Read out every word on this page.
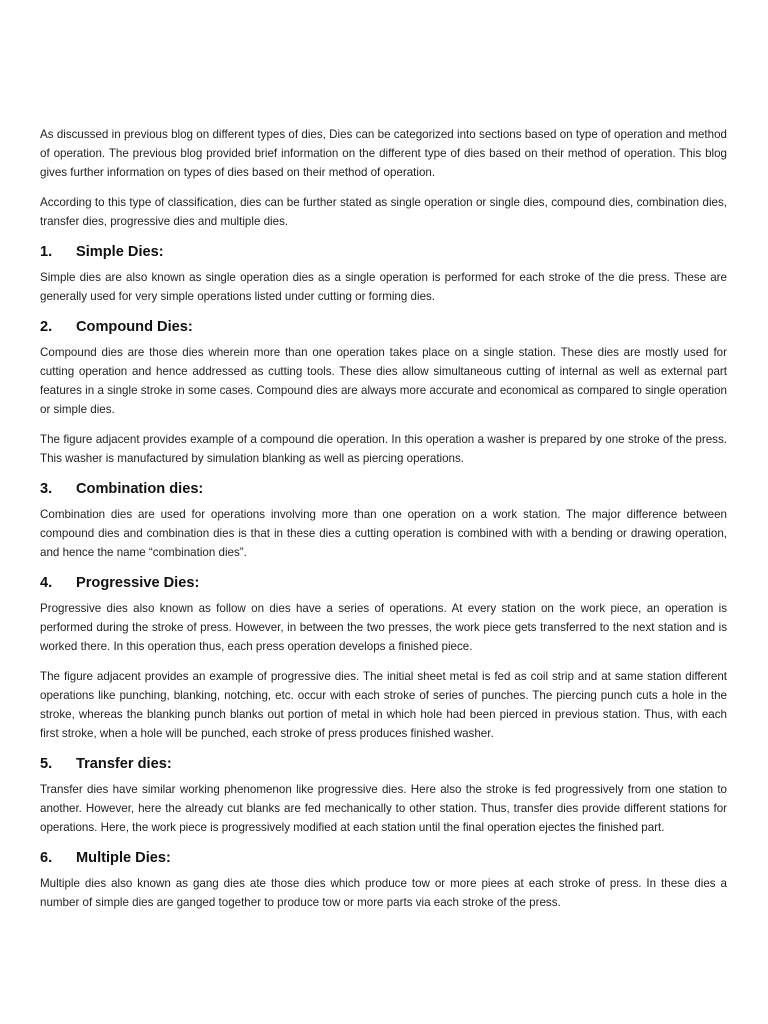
As discussed in previous blog on different types of dies, Dies can be categorized into sections based on type of operation and method of operation. The previous blog provided brief information on the different type of dies based on their method of operation. This blog gives further information on types of dies based on their method of operation.

According to this type of classification, dies can be further stated as single operation or single dies, compound dies, combination dies, transfer dies, progressive dies and multiple dies.

1.	Simple Dies:

Simple dies are also known as single operation dies as a single operation is performed for each stroke of the die press. These are generally used for very simple operations listed under cutting or forming dies.

2.	Compound Dies:

Compound dies are those dies wherein more than one operation takes place on a single station. These dies are mostly used for cutting operation and hence addressed as cutting tools. These dies allow simultaneous cutting of internal as well as external part features in a single stroke in some cases. Compound dies are always more accurate and economical as compared to single operation or simple dies.

The figure adjacent provides example of a compound die operation. In this operation a washer is prepared by one stroke of the press. This washer is manufactured by simulation blanking as well as piercing operations.

3.	Combination dies:

Combination dies are used for operations involving more than one operation on a work station. The major difference between compound dies and combination dies is that in these dies a cutting operation is combined with with a bending or drawing operation, and hence the name “combination dies”.

4.	Progressive Dies:

Progressive dies also known as follow on dies have a series of operations. At every station on the work piece, an operation is performed during the stroke of press. However, in between the two presses, the work piece gets transferred to the next station and is worked there. In this operation thus, each press operation develops a finished piece.

The figure adjacent provides an example of progressive dies. The initial sheet metal is fed as coil strip and at same station different operations like punching, blanking, notching, etc. occur with each stroke of series of punches. The piercing punch cuts a hole in the stroke, whereas the blanking punch blanks out portion of metal in which hole had been pierced in previous station. Thus, with each first stroke, when a hole will be punched, each stroke of press produces finished washer.

5.	Transfer dies:

Transfer dies have similar working phenomenon like progressive dies. Here also the stroke is fed progressively from one station to another. However, here the already cut blanks are fed mechanically to other station. Thus, transfer dies provide different stations for operations. Here, the work piece is progressively modified at each station until the final operation ejectes the finished part.

6.	Multiple Dies:

Multiple dies also known as gang dies ate those dies which produce tow or more piees at each stroke of press. In these dies a number of simple dies are ganged together to produce tow or more parts via each stroke of the press.
